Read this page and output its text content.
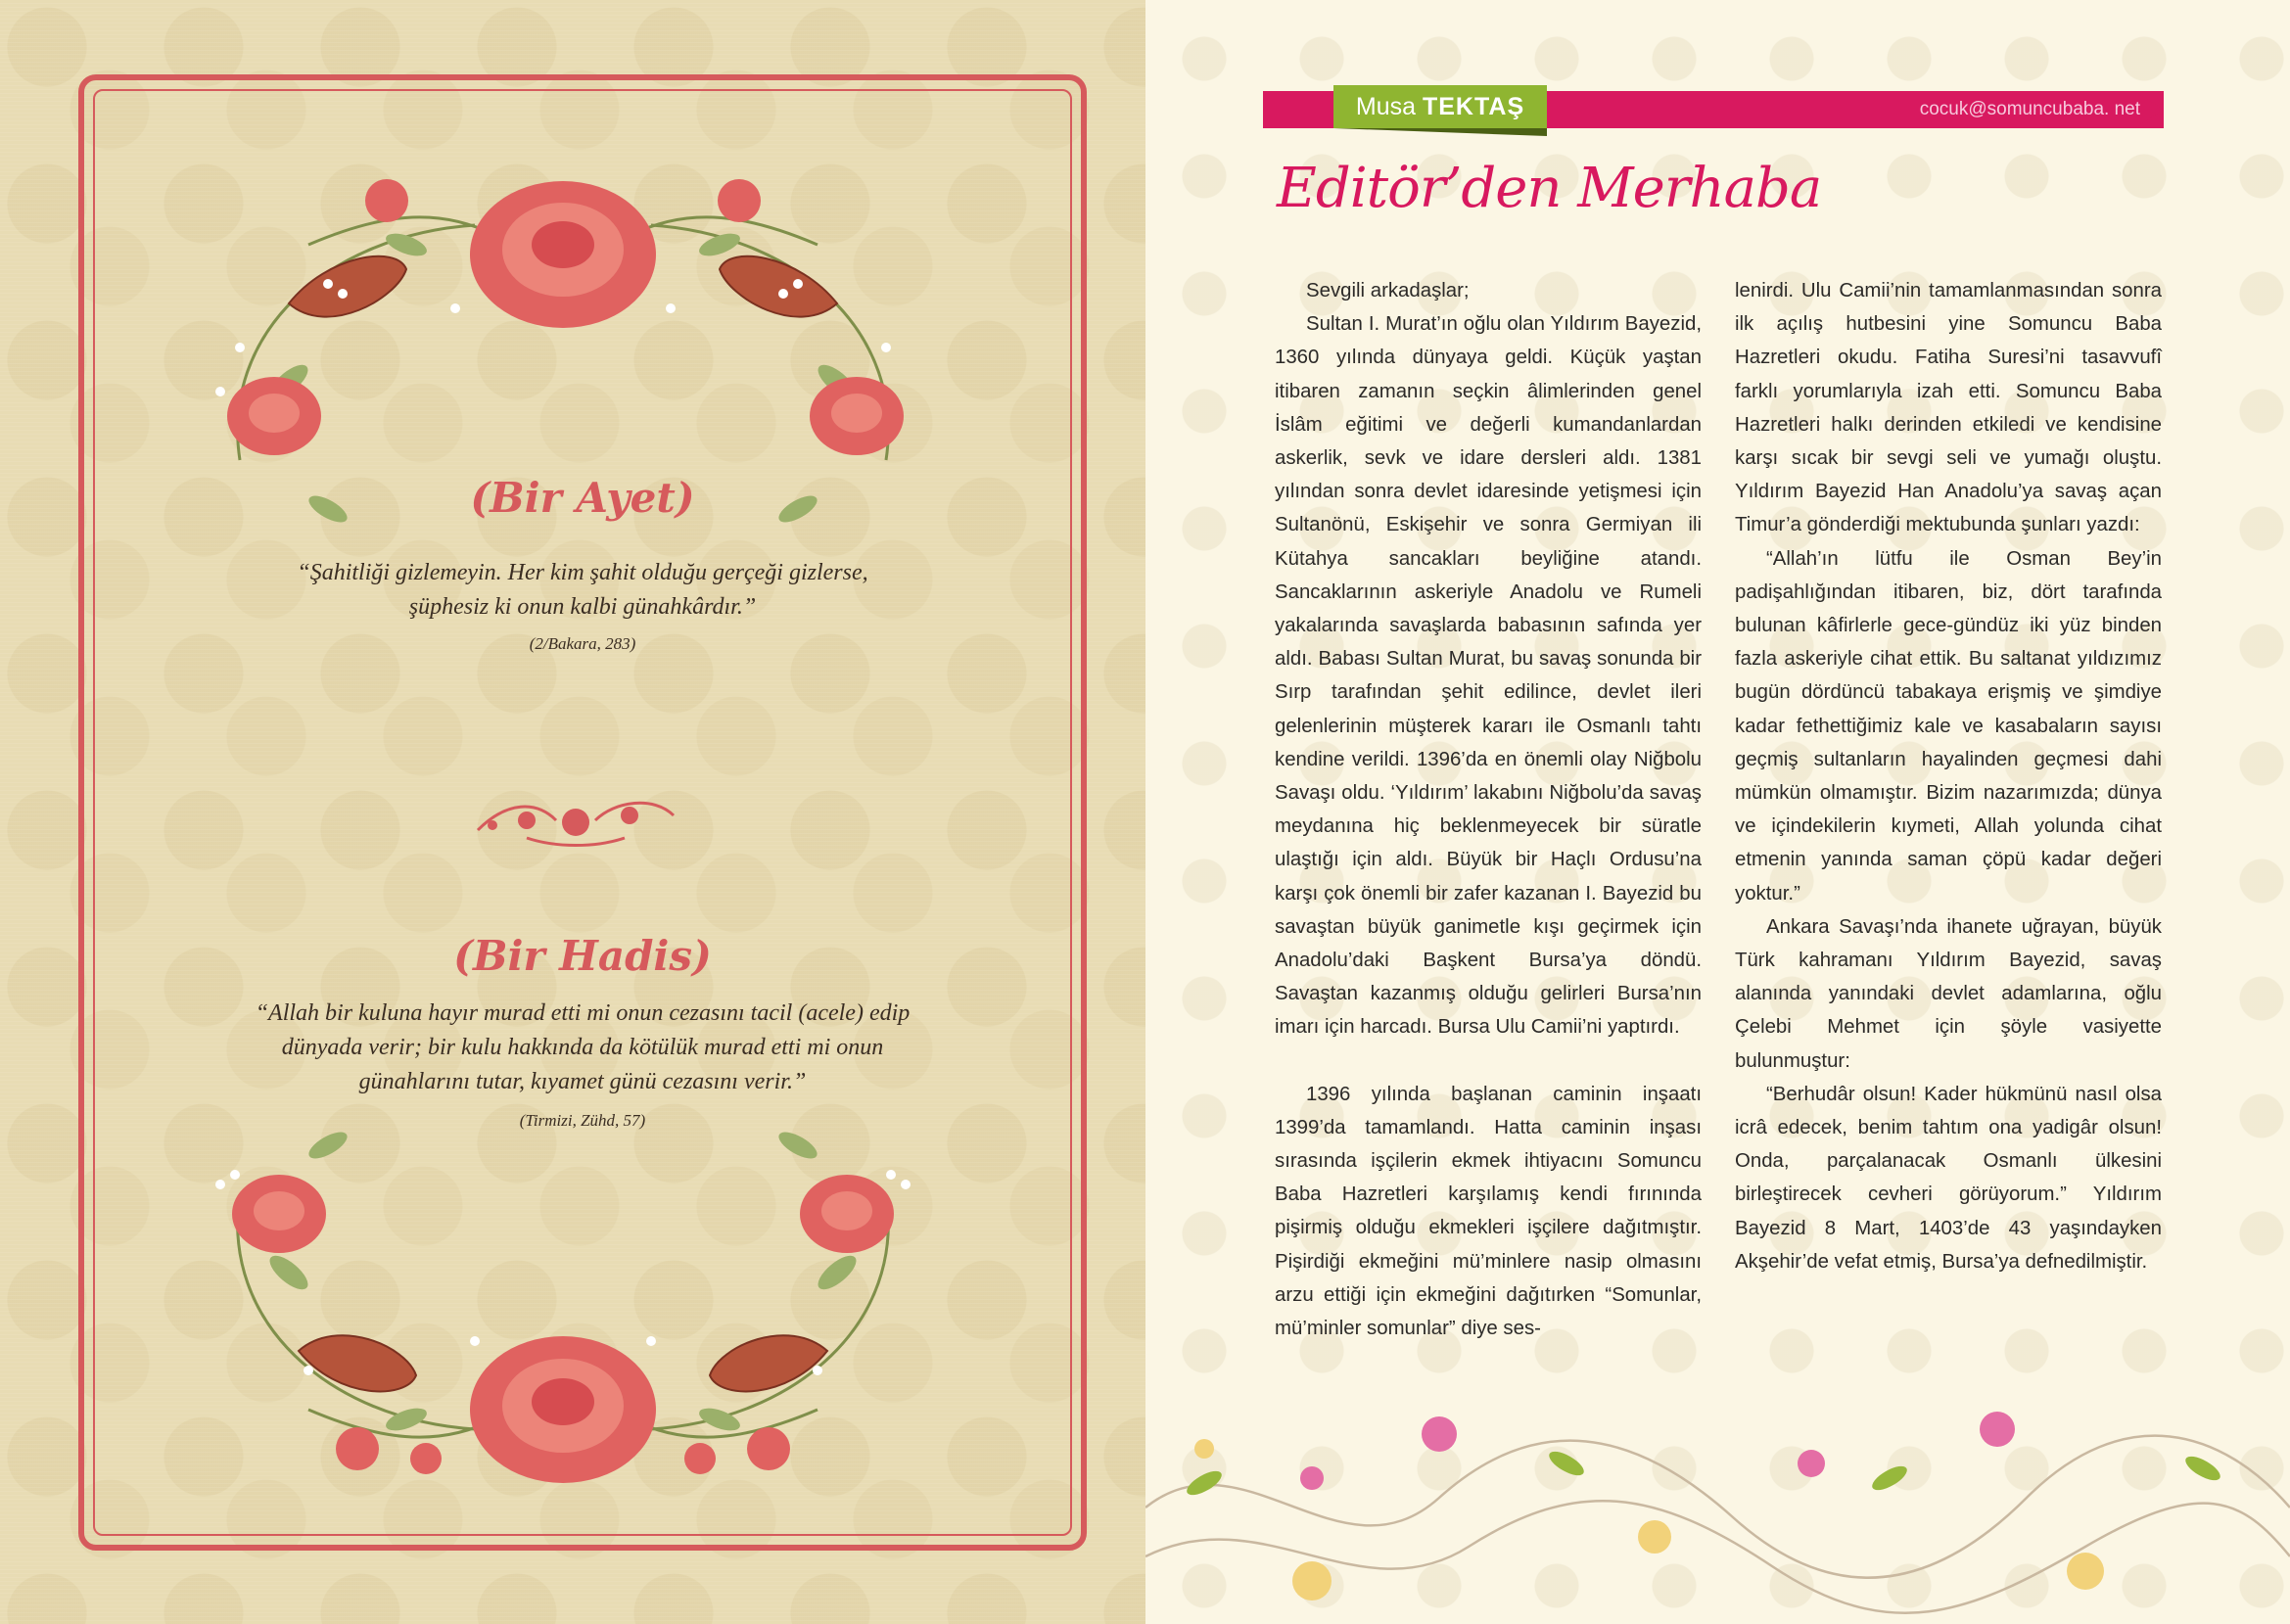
(Bir Ayet)

“Şahitliği gizlemeyin. Her kim şahit olduğu gerçeği gizlerse,
şüphesiz ki onun kalbi günahkârdır.”

(2/Bakara, 283)

(Bir Hadis)

“Allah bir kuluna hayır murad etti mi onun cezasını tacil (acele) edip
dünyada verir; bir kulu hakkında da kötülük murad etti mi onun
günahlarını tutar, kıyamet günü cezasını verir.”

(Tirmizi, Zühd, 57)

Musa TEKTAŞ	cocuk@somuncubaba. net
Editör’den Merhaba

Sevgili arkadaşlar;

Sultan I. Murat’ın oğlu olan Yıldırım Bayezid, 1360 yılında dünyaya geldi. Küçük yaştan itibaren zamanın seçkin âlimlerinden genel İslâm eğitimi ve değerli kumandanlardan askerlik, sevk ve idare dersleri aldı. 1381 yılından sonra devlet idaresinde yetişmesi için Sultanönü, Eskişehir ve sonra Germiyan ili Kütahya sancakları beyliğine atandı. Sancaklarının askeriyle Anadolu ve Rumeli yakalarında savaşlarda babasının safında yer aldı. Babası Sultan Murat, bu savaş sonunda bir Sırp tarafından şehit edilince, devlet ileri gelenlerinin müşterek kararı ile Osmanlı tahtı kendine verildi. 1396’da en önemli olay Niğbolu Savaşı oldu. ‘Yıldırım’ lakabını Niğbolu’da savaş meydanına hiç beklenmeyecek bir süratle ulaştığı için aldı. Büyük bir Haçlı Ordusu’na karşı çok önemli bir zafer kazanan I. Bayezid bu savaştan büyük ganimetle kışı geçirmek için Anadolu’daki Başkent Bursa’ya döndü. Savaştan kazanmış olduğu gelirleri Bursa’nın imarı için harcadı. Bursa Ulu Camii’ni yaptırdı.

1396 yılında başlanan caminin inşaatı 1399’da tamamlandı. Hatta caminin inşası sırasında işçilerin ekmek ihtiyacını Somuncu Baba Hazretleri karşılamış kendi fırınında pişirmiş olduğu ekmekleri işçilere dağıtmıştır. Pişirdiği ekmeğini mü’minlere nasip olmasını arzu ettiği için ekmeğini dağıtırken “Somunlar, mü’minler somunlar” diye ses-

lenirdi. Ulu Camii’nin tamamlanmasından sonra ilk açılış hutbesini yine Somuncu Baba Hazretleri okudu. Fatiha Suresi’ni tasavvufî farklı yorumlarıyla izah etti. Somuncu Baba Hazretleri halkı derinden etkiledi ve kendisine karşı sıcak bir sevgi seli ve yumağı oluştu. Yıldırım Bayezid Han Anadolu’ya savaş açan Timur’a gönderdiği mektubunda şunları yazdı:

“Allah’ın lütfu ile Osman Bey’in padişahlığından itibaren, biz, dört tarafında bulunan kâfirlerle gece-gündüz iki yüz binden fazla askeriyle cihat ettik. Bu saltanat yıldızımız bugün dördüncü tabakaya erişmiş ve şimdiye kadar fethettiğimiz kale ve kasabaların sayısı geçmiş sultanların hayalinden geçmesi dahi mümkün olmamıştır. Bizim nazarımızda; dünya ve içindekilerin kıymeti, Allah yolunda cihat etmenin yanında saman çöpü kadar değeri yoktur.”

Ankara Savaşı’nda ihanete uğrayan, büyük Türk kahramanı Yıldırım Bayezid, savaş alanında yanındaki devlet adamlarına, oğlu Çelebi Mehmet için şöyle vasiyette bulunmuştur:

“Berhudâr olsun! Kader hükmünü nasıl olsa icrâ edecek, benim tahtım ona yadigâr olsun! Onda, parçalanacak Osmanlı ülkesini birleştirecek cevheri görüyorum.” Yıldırım Bayezid 8 Mart, 1403’de 43 yaşındayken Akşehir’de vefat etmiş, Bursa’ya defnedilmiştir.
